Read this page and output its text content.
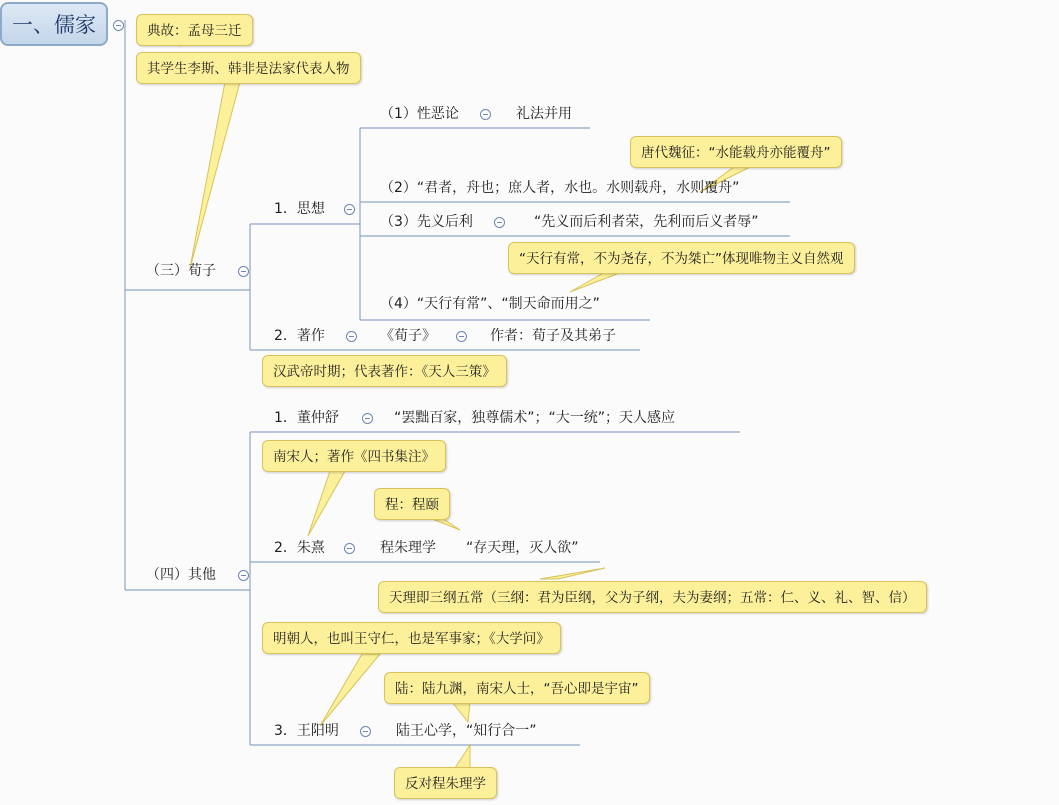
一、儒家	典故：孟母三迁
其学生李斯、韩非是法家代表人物
唐代魏征：“水能载舟亦能覆舟”
“天行有常，不为尧存，不为桀亡”体现唯物主义自然观
汉武帝时期；代表著作：《天人三策》
南宋人；著作《四书集注》
程：程颐
天理即三纲五常（三纲：君为臣纲，父为子纲，夫为妻纲；五常：仁、义、礼、智、信）
明朝人，也叫王守仁，也是军事家；《大学问》
陆：陆九渊，南宋人士，“吾心即是宇宙”
反对程朱理学
（三）荀子
1．思想
（1）性恶论	礼法并用
（2）“君者，舟也；庶人者，水也。水则载舟，水则覆舟”
（3）先义后利	“先义而后利者荣，先利而后义者辱”
（4）“天行有常”、“制天命而用之”
2．著作	《荀子》	作者：荀子及其弟子
（四）其他
1．董仲舒	“罢黜百家，独尊儒术”；“大一统”；天人感应
2．朱熹	程朱理学 “存天理，灭人欲”
3．王阳明	陆王心学，“知行合一”
